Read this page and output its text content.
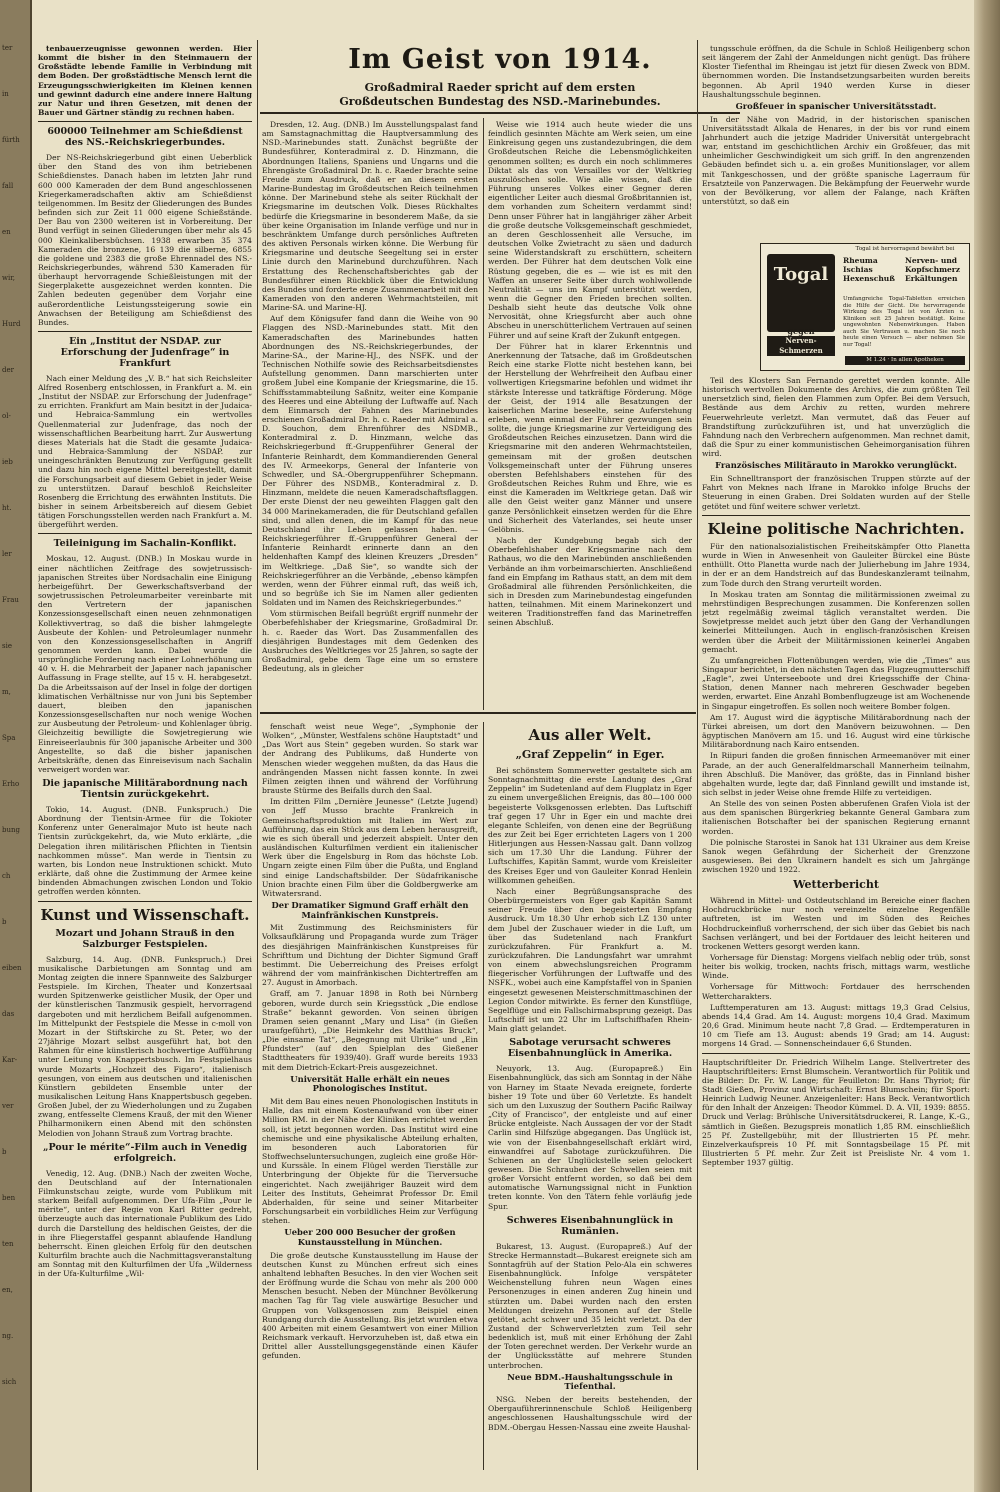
ter
in
fürth
fall
en
wir,
Hurd
der
ol-
ieb
ht.
ler
Frau
sie
m,
Spa
Erho
bung
ch
b
eiben
das
Kar-
ver
b
ben
ten
en,
ng.
sich
Im Geist von 1914.
Großadmiral Raeder spricht auf dem ersten Großdeutschen Bundestag des NSD.-Marinebundes.

tenbauerzeugnisse gewonnen werden. Hier kommt die bisher in den Steinmauern der Großstädte lebende Familie in Verbindung mit dem Boden. Der großstädtische Mensch lernt die Erzeugungsschwierigkeiten im Kleinen kennen und gewinnt dadurch eine andere innere Haltung zur Natur und ihren Gesetzen, mit denen der Bauer und Gärtner ständig zu rechnen haben.

600000 Teilnehmer am Schießdienst des NS.-Reichskriegerbundes.

Der NS-Reichskriegerbund gibt einen Ueberblick über den Stand des von ihm betriebenen Schießdienstes. Danach haben im letzten Jahr rund 600 000 Kameraden der dem Bund angeschlossenen Kriegerkameradschaften aktiv am Schießdienst teilgenommen. Im Besitz der Gliederungen des Bundes befinden sich zur Zeit 11 000 eigene Schießstände. Der Bau von 2300 weiteren ist in Vorbereitung. Der Bund verfügt in seinen Gliederungen über mehr als 45 000 Kleinkalibersbüchsen. 1938 erwarben 35 374 Kameraden die bronzene, 16 139 die silberne, 6855 die goldene und 2383 die große Ehrennadel des NS.-Reichskriegerbundes, während 530 Kameraden für überhaupt hervorragende Schießleistungen mit der Siegerplakette ausgezeichnet werden konnten. Die Zahlen bedeuten gegenüber dem Vorjahr eine außerordentliche Leistungssteigerung sowie ein Anwachsen der Beteiligung am Schießdienst des Bundes.

Ein „Institut der NSDAP. zur Erforschung der Judenfrage“ in Frankfurt

Nach einer Meldung des „V. B.“ hat sich Reichsleiter Alfred Rosenberg entschlossen, in Frankfurt a. M. ein „Institut der NSDAP. zur Erforschung der Judenfrage“ zu errichten. Frankfurt am Main besitzt in der Judaica- und Hebraica-Sammlung ein wertvolles Quellenmaterial zur Judenfrage, das noch der wissenschaftlichen Bearbeitung harrt. Zur Auswertung dieses Materials hat die Stadt die gesamte Judaica- und Hebraica-Sammlung der NSDAP. zur uneingeschränkten Benutzung zur Verfügung gestellt und dazu hin noch eigene Mittel bereitgestellt, damit die Forschungsarbeit auf diesem Gebiet in jeder Weise zu unterstützen. Darauf beschloß Reichsleiter Rosenberg die Errichtung des erwähnten Instituts. Die bisher in seinem Arbeitsbereich auf diesem Gebiet tätigen Forschungsstellen werden nach Frankfurt a. M. übergeführt werden.

Teileinigung im Sachalin-Konflikt.

Moskau, 12. August. (DNB.) In Moskau wurde in einer nächtlichen Zeitfrage des sowjetrussisch-japanischen Streites über Nordsachalin eine Einigung herbeigeführt. Der Gewerkschaftsverband der sowjetrussischen Petroleumarbeiter vereinbarte mit den Vertretern der japanischen Konzessionsgesellschaft einen neuen zehnmonatigen Kollektivvertrag, so daß die bisher lahmgelegte Ausbeute der Kohlen- und Petroleumlager nunmehr von den Konzessionsgesellschaften in Angriff genommen werden kann. Dabei wurde die ursprüngliche Forderung nach einer Lohnerhöhung um 40 v. H. die Mehrarbeit der Japaner nach japanischer Auffassung in Frage stellte, auf 15 v. H. herabgesetzt. Da die Arbeitssaison auf der Insel in folge der dortigen klimatischen Verhältnisse nur von Juni bis September dauert, bleiben den japanischen Konzessionsgesellschaften nur noch wenige Wochen zur Ausbeutung der Petroleum- und Kohlenlager übrig. Gleichzeitig bewilligte die Sowjetregierung wie Einreiseerlaubnis für 300 japanische Arbeiter und 300 Angestellte, so daß die bisher japanischen Arbeitskräfte, denen das Einreisevisum nach Sachalin verweigert worden war.

Die japanische Militärabordnung nach Tientsin zurückgekehrt.

Tokio, 14. August. (DNB. Funkspruch.) Die Abordnung der Tientsin-Armee für die Tokioter Konferenz unter Generalmajor Muto ist heute nach Tientsin zurückgekehrt, da, wie Muto erklärte, „die Delegation ihren militärischen Pflichten in Tientsin nachkommen müsse“. Man werde in Tientsin zu warten, bis London neue Instruktionen schickt. Muto erklärte, daß ohne die Zustimmung der Armee keine bindenden Abmachungen zwischen London und Tokio getroffen werden könnten.

Kunst und Wissenschaft.
Mozart und Johann Strauß in den Salzburger Festspielen.

Salzburg, 14. Aug. (DNB. Funkspruch.) Drei musikalische Darbietungen am Sonntag und am Montag zeigten die innere Spannweite des Salzburger Festspiele. Im Kirchen, Theater und Konzertsaal wurden Spitzenwerke geistlicher Musik, der Oper und der künstlerischen Tanzmusik gespielt, hervorragend dargeboten und mit herzlichem Beifall aufgenommen. Im Mittelpunkt der Festspiele die Messe in c-moll von Mozart in der Stiftskirche zu St. Peter, wo der 27jährige Mozart selbst ausgeführt hat, bot den Rahmen für eine künstlerisch hochwertige Aufführung unter Leitung von Knappertsbusch. Im Festspielhaus wurde Mozarts „Hochzeit des Figaro“, italienisch gesungen, von einem aus deutschen und italienischen Künstlern gebildeten Ensemble unter der musikalischen Leitung Hans Knappertsbusch gegeben. Großen Jubel, der zu Wiederholungen und zu Zugaben zwang, entfesselte Clemens Krauß, der mit den Wiener Philharmonikern einen Abend mit den schönsten Melodien von Johann Strauß zum Vortrag brachte.

„Pour le mérite“-Film auch in Venedig erfolgreich.

Venedig, 12. Aug. (DNB.) Nach der zweiten Woche, den Deutschland auf der Internationalen Filmkunstschau zeigte, wurde vom Publikum mit starkem Beifall aufgenommen. Der Ufa-Film „Pour le mérite“, unter der Regie von Karl Ritter gedreht, überzeugte auch das internationale Publikum des Lido durch die Darstellung des heldischen Geistes, der die in ihre Fliegerstaffel gespannt ablaufende Handlung beherrscht. Einen gleichen Erfolg für den deutschen Kulturfilm brachte auch die Nachmittagsveranstaltung am Sonntag mit den Kulturfilmen der Ufa „Wilderness in der Ufa-Kulturfilme „Wil-

Dresden, 12. Aug. (DNB.) Im Ausstellungspalast fand am Samstagnachmittag die Hauptversammlung des NSD.-Marinebundes statt. Zunächst begrüßte der Bundesführer, Konteradmiral z. D. Hinzmann, die Abordnungen Italiens, Spaniens und Ungarns und die Ehrengäste Großadmiral Dr. h. c. Raeder brachte seine Freude zum Ausdruck, daß er an diesem ersten Marine-Bundestag im Großdeutschen Reich teilnehmen könne. Der Marinebund stehe als seiter Rückhalt der Kriegsmarine im deutschen Volk. Dieses Rückhaltes bedürfe die Kriegsmarine in besonderem Maße, da sie über keine Organisation im Inlande verfüge und nur in beschränktem Umfange durch persönliches Auftreten des aktiven Personals wirken könne. Die Werbung für Kriegsmarine und deutsche Seegeltung sei in erster Linie durch den Marinebund durchzuführen. Nach Erstattung des Rechenschaftsberichtes gab der Bundesführer einen Rückblick über die Entwicklung des Bundes und forderte enge Zusammenarbeit mit den Kameraden von den anderen Wehrmachtsteilen, mit Marine-SA. und Marine-HJ.

Auf dem Königsufer fand dann die Weihe von 90 Flaggen des NSD.-Marinebundes statt. Mit den Kameradschaften des Marinebundes hatten Abordnungen des NS.-Reichskriegerbundes, der Marine-SA., der Marine-HJ., des NSFK. und der Technischen Nothilfe sowie des Reichsarbeitsdienstes Aufstellung genommen. Dann marschierten unter großem Jubel eine Kompanie der Kriegsmarine, die 15. Schiffsstammabteilung Saßnitz, weiter eine Kompanie des Heeres und eine Abteilung der Luftwaffe auf. Nach dem Einmarsch der Fahnen des Marinebundes erschienen Großadmiral Dr. h. c. Raeder mit Admiral a. D. Souchon, dem Ehrenführer des NSDMB., Konteradmiral z. D. Hinzmann, welche das Reichskriegerbund ff.-Gruppenführer General der Infanterie Reinhardt, dem Kommandierenden General des IV. Armeekorps, General der Infanterie von Schwedler, und SA.-Obergruppenführer Schepmann. Der Führer des NSDMB., Konteradmiral z. D. Hinzmann, meldete die neuen Kameradschaftsflaggen. Der erste Dienst der neu geweihten Flaggen galt den 34 000 Marinekameraden, die für Deutschland gefallen sind, und allen denen, die im Kampf für das neue Deutschland ihr Leben gelassen haben. — Reichskriegerführer ff.-Gruppenführer General der Infanterie Reinhardt erinnerte dann an den heldenhaften Kampf des kleinen Kreuzers „Dresden“ im Weltkriege. „Daß Sie“, so wandte sich der Reichskriegerführer an die Verbände, „ebenso kämpfen werden, wenn der Führer einmal ruft, das weiß ich, und so begrüße ich Sie im Namen aller gedienten Soldaten und im Namen des Reichskriegerbundes.“

Vom stürmischen Beifall begrüßt ergriff nunmehr der Oberbefehlshaber der Kriegsmarine, Großadmiral Dr. h. c. Raeder das Wort. Das Zusammenfallen des diesjährigen Bundestages mit dem Gedenken des Ausbruches des Weltkrieges vor 25 Jahren, so sagte der Großadmiral, gebe dem Tage eine um so ernstere Bedeutung, als in gleicher

Weise wie 1914 auch heute wieder die uns feindlich gesinnten Mächte am Werk seien, um eine Einkreisung gegen uns zustandezubringen, die dem Großdeutschen Reiche die Lebensmöglichkeiten genommen sollten; es durch ein noch schlimmeres Diktat als das von Versailles vor der Weltkrieg auszulöschen solle. Wie alle wissen, daß die Führung unseres Volkes einer Gegner deren eigentlicher Leiter auch diesmal Großbritannien ist, dem vorhanden zum Scheitern verdammt sind! Denn unser Führer hat in langjähriger zäher Arbeit die große deutsche Volksgemeinschaft geschmiedet, an deren Geschlossenheit alle Versuche, im deutschen Volke Zwietracht zu säen und dadurch seine Widerstandskraft zu erschüttern, scheitern werden. Der Führer hat dem deutschen Volk eine Rüstung gegeben, die es — wie ist es mit den Waffen an unserer Seite über durch wohlwollende Neutralität — uns im Kampf unterstützt werden, wenn die Gegner den Frieden brechen sollten. Deshalb sieht heute das deutsche Volk ohne Nervosität, ohne Kriegsfurcht aber auch ohne Abscheu in unerschütterlichem Vertrauen auf seinen Führer und auf seine Kraft der Zukunft entgegen.

Der Führer hat in klarer Erkenntnis und Anerkennung der Tatsache, daß im Großdeutschen Reich eine starke Flotte nicht bestehen kann, bei der Herstellung der Wehrfreiheit den Aufbau einer vollwertigen Kriegsmarine befohlen und widmet ihr stärkste Interesse und tatkräftige Förderung. Möge der Geist, der 1914 alle Besatzungen der kaiserlichen Marine beseelte, seine Auferstehung erleben, wenn einmal der Führer gezwungen sein sollte, die junge Kriegsmarine zur Verteidigung des Großdeutschen Reiches einzusetzen. Dann wird die Kriegsmarine mit den anderen Wehrmachtsteilen, gemeinsam mit der großen deutschen Volksgemeinschaft unter der Führung unseres obersten Befehlshabers einstehen für des Großdeutschen Reiches Ruhm und Ehre, wie es einst die Kameraden im Weltkriege getan. Daß wir alle den Geist weiter ganz Männer und unsere ganze Persönlichkeit einsetzen werden für die Ehre und Sicherheit des Vaterlandes, sei heute unser Gelöbnis.

Nach der Kundgebung begab sich der Oberbefehlshaber der Kriegsmarine nach dem Rathaus, wo die den Marinebünden anschließenden Verbände an ihm vorbeimarschierten. Anschließend fand ein Empfang im Rathaus statt, an dem mit dem Großadmiral alle führenden Persönlichkeiten, die sich in Dresden zum Marinebundestag eingefunden hatten, teilnahmen. Mit einem Marinekonzert und weiteren Traditionstreffen fand das Marinetreffen seinen Abschluß.

fenschaft weist neue Wege“, „Symphonie der Wolken“, „Münster, Westfalens schöne Hauptstadt“ und „Das Wort aus Stein“ gegeben wurden. So stark war der Andrang des Publikums, daß Hunderte von Menschen wieder weggehen mußten, da das Haus die andrängenden Massen nicht fassen konnte. In zwei Filmen zeigten ihnen und während der Vorführung brauste Stürme des Beifalls durch den Saal.

Im dritten Film „Dernière Jeunesse“ (Letzte Jugend) von Jeff Musso brachte Frankreich in Gemeinschaftsproduktion mit Italien im Wert zur Aufführung, das ein Stück aus dem Leben herausgreift, wie es sich überall und jederzeit abspielt. Unter den ausländischen Kulturfilmen verdient ein italienischer Werk über die Engelsburg in Rom das höchste Lob. Ungarn zeigte einen Film über die Pußta, und England sind einige Landschaftsbilder. Der Südafrikanische Union brachte einen Film über die Goldbergwerke am Witwatersrand.

Der Dramatiker Sigmund Graff erhält den Mainfränkischen Kunstpreis.

Mit Zustimmung des Reichsministers für Volksaufklärung und Propaganda wurde zum Träger des diesjährigen Mainfränkischen Kunstpreises für Schrifttum und Dichtung der Dichter Sigmund Graff bestimmt. Die Ueberreichung des Preises erfolgt während der vom mainfränkischen Dichtertreffen am 27. August in Amorbach.

Graff, am 7. Januar 1898 in Roth bei Nürnberg geboren, wurde durch sein Kriegsstück „Die endlose Straße“ bekannt geworden. Von seinen übrigen Dramen seien genannt „Mary und Lisa“ (in Gießen uraufgeführt), „Die Heimkehr des Matthias Bruck“, „Die einsame Tat“, „Begegnung mit Ulrike“ und „Ein Pfundster“ (auf den Spielplan des Gießener Stadttheaters für 1939/40). Graff wurde bereits 1933 mit dem Dietrich-Eckart-Preis ausgezeichnet.

Universität Halle erhält ein neues Phonologisches Institut.

Mit dem Bau eines neuen Phonologischen Instituts in Halle, das mit einem Kostenaufwand von über einer Million RM. in der Nähe der Kliniken errichtet werden soll, ist jetzt begonnen worden. Das Institut wird eine chemische und eine physikalische Abteilung erhalten, im besonderen auch Laboratorien für Stoffwechseluntersuchungen, zugleich eine große Hör- und Kurssäle. In einem Flügel werden Tierställe zur Unterbringung der Objekte für die Tierversuche eingerichtet. Nach zweijähriger Bauzeit wird dem Leiter des Instituts, Geheimrat Professor Dr. Emil Abderhalden, für seine und seiner Mitarbeiter Forschungsarbeit ein vorbildliches Heim zur Verfügung stehen.

Ueber 200 000 Besucher der großen Kunstausstellung in München.

Die große deutsche Kunstausstellung im Hause der deutschen Kunst zu München erfreut sich eines anhaltend lebhaften Besuches. In den vier Wochen seit der Eröffnung wurde die Schau von mehr als 200 000 Menschen besucht. Neben der Münchner Bevölkerung machen Tag für Tag viele auswärtige Besucher und Gruppen von Volksgenossen zum Beispiel einen Rundgang durch die Ausstellung. Bis jetzt wurden etwa 400 Arbeiten mit einem Gesamtwert von einer Million Reichsmark verkauft. Hervorzuheben ist, daß etwa ein Drittel aller Ausstellungsgegenstände einen Käufer gefunden.

Aus aller Welt.
„Graf Zeppelin“ in Eger.

Bei schönstem Sommerwetter gestaltete sich am Sonntagnachmittag die erste Landung des „Graf Zeppelin“ im Sudetenland auf dem Flugplatz in Eger zu einem unvergeßlichen Ereignis, das 80—100 000 begeisterte Volksgenossen erlebten. Das Luftschiff traf gegen 17 Uhr in Eger ein und machte drei elegante Schleifen, von denen eine der Begrüßung des zur Zeit bei Eger errichteten Lagers von 1 200 Hitlerjungen aus Hessen-Nassau galt. Dann vollzog sich um 17.30 Uhr die Landung. Führer der Luftschiffes, Kapitän Sammt, wurde vom Kreisleiter des Kreises Eger und von Gauleiter Konrad Henlein willkommen geheißen.

Nach einer Begrüßungsansprache des Oberbürgermeisters von Eger gab Kapitän Sammt seiner Freude über den begeisterten Empfang Ausdruck. Um 18.30 Uhr erhob sich LZ 130 unter dem Jubel der Zuschauer wieder in die Luft, um über das Sudetenland nach Frankfurt zurückzufahren. Für Frankfurt a. M. zurückzufahren. Die Landungsfahrt war umrahmt von einem abwechslungsreichen Programm fliegerischer Vorführungen der Luftwaffe und des NSFK., wobei auch eine Kampfstaffel von in Spanien eingesetzt gewesenen Meisterschmittmaschinen der Legion Condor mitwirkte. Es ferner den Kunstflüge, Segelflüge und ein Fallschirmabsprung gezeigt. Das Luftschiff ist um 22 Uhr im Luftschiffhafen Rhein-Main glatt gelandet.

Sabotage verursacht schweres Eisenbahnunglück in Amerika.

Neuyork, 13. Aug. (Europapreß.) Ein Eisenbahnunglück, das sich am Sonntag in der Nähe von Harney im Staate Nevada ereignete, forderte bisher 19 Tote und über 60 Verletzte. Es handelt sich um den Luxuszug der Southern Pacific Railway „City of Francisco“, der entgleiste und auf einer Brücke entgleiste. Nach Aussagen der vor der Stadt Carlin sind Hilfszüge abgegangen. Das Unglück ist, wie von der Eisenbahngesellschaft erklärt wird, einwandfrei auf Sabotage zurückzuführen. Die Schienen an der Unglückstelle seien gelockert gewesen. Die Schrauben der Schwellen seien mit großer Vorsicht entfernt worden, so daß bei dem automatische Warnungssignal nicht in Funktion treten konnte. Von den Tätern fehle vorläufig jede Spur.

Schweres Eisenbahnunglück in Rumänien.

Bukarest, 13. August. (Europapreß.) Auf der Strecke Hermannstadt—Bukarest ereignete sich am Sonntagfrüh auf der Station Pelo-Ala ein schweres Eisenbahnunglück. Infolge verspäteter Weichenstellung fuhren neun Wagen eines Personenzuges in einen anderen Zug hinein und stürzten um. Dabei wurden nach den ersten Meldungen dreizehn Personen auf der Stelle getötet, acht schwer und 35 leicht verletzt. Da der Zustand der Schwerverletzten zum Teil sehr bedenklich ist, muß mit einer Erhöhung der Zahl der Toten gerechnet werden. Der Verkehr wurde an der Unglücksstätte auf mehrere Stunden unterbrochen.

Neue BDM.-Haushaltungsschule in Tiefenthal.

NSG. Neben der bereits bestehenden, der Obergauführerinnenschule Schloß Heiligenberg angeschlossenen Haushaltungsschule wird der BDM.-Obergau Hessen-Nassau eine zweite Haushal-

tungsschule eröffnen, da die Schule in Schloß Heiligenberg schon seit längerem der Zahl der Anmeldungen nicht genügt. Das frühere Kloster Tiefenthal im Rheingau ist jetzt für diesen Zweck von BDM. übernommen worden. Die Instandsetzungsarbeiten wurden bereits begonnen. Ab April 1940 werden Kurse in dieser Haushaltungsschule beginnen.

Großfeuer in spanischer Universitätsstadt.

In der Nähe von Madrid, in der historischen spanischen Universitätsstadt Alkala de Henares, in der bis vor rund einem Jahrhundert auch die jetzige Madrider Universität untergebracht war, entstand im geschichtlichen Archiv ein Großfeuer, das mit unheimlicher Geschwindigkeit um sich griff. In den angrenzenden Gebäuden befindet sich u. a. ein großes Munitionslager, vor allem mit Tankgeschossen, und der größte spanische Lagerraum für Ersatzteile von Panzerwagen. Die Bekämpfung der Feuerwehr wurde von der Bevölkerung, vor allem der Falange, nach Kräften unterstützt, so daß ein

Togal
gegen
Nerven- Schmerzen
Togal ist hervorragend bewährt bei
Rheuma
Ischias
Hexenschuß
Nerven- und
Kopfschmerz
Erkältungen
Umfangreiche Togal-Tabletten erreichen die Hilfe der Gicht. Die hervorragende Wirkung des Togal ist von Ärzten u. Kliniken seit 25 Jahren bestätigt. Keine ungewohnten Nebenwirkungen. Haben auch Sie Vertrauen u. machen Sie noch heute einen Versuch — aber nehmen Sie nur Togal!
M 1.24 · In allen Apotheken

Teil des Klosters San Fernando gerettet werden konnte. Alle historisch wertvollen Dokumente des Archivs, die zum größten Teil unersetzlich sind, fielen den Flammen zum Opfer. Bei dem Versuch, Bestände aus dem Archiv zu retten, wurden mehrere Feuerwehrleute verletzt. Man vermutet, daß das Feuer auf Brandstiftung zurückzuführen ist, und hat unverzüglich die Fahndung nach den Verbrechern aufgenommen. Man rechnet damit, daß die Spur zu einer kommunistischen Geheimorganisation führen wird.

Französisches Militärauto in Marokko verunglückt.

Ein Schnelltransport der französischen Truppen stürzte auf der Fahrt von Meknes nach Ifrane in Marokko infolge Bruchs der Steuerung in einen Graben. Drei Soldaten wurden auf der Stelle getötet und fünf weitere schwer verletzt.

Kleine politische Nachrichten.

Für den nationalsozialistischen Freiheitskämpfer Otto Planetta wurde in Wien in Anwesenheit von Gauleiter Bürckel eine Büste enthüllt. Otto Planetta wurde nach der Julierhebung im Jahre 1934, in der er an dem Handstreich auf das Bundeskanzleramt teilnahm, zum Tode durch den Strang verurteilt worden.

In Moskau traten am Sonntag die militärmissionen zweimal zu mehrstündigen Besprechungen zusammen. Die Konferenzen sollen jetzt regelmäßig zweimal täglich veranstaltet werden. Die Sowjetpresse meldet auch jetzt über den Gang der Verhandlungen keinerlei Mitteilungen. Auch in englisch-französischen Kreisen werden über die Arbeit der Militärmissionen keinerlei Angaben gemacht.

Zu umfangreichen Flottenübungen werden, wie die „Times“ aus Singapur berichtet, in den nächsten Tagen das Flugzeugmutterschiff „Eagle“, zwei Unterseeboote und drei Kriegsschiffe der China-Station, denen Manner nach mehreren Geschwader begeben werden, erwartet. Eine Anzahl Bombenflugzeuge ist am Wochenende in Singapur eingetroffen. Es sollen noch weitere Bomber folgen.

Am 17. August wird die ägyptische Militärabordnung nach der Türkei abreisen, um dort den Manövern beizuwohnen. — Den ägyptischen Manövern am 15. und 16. August wird eine türkische Militärabordnung nach Kairo entsenden.

In Riipuri fanden die großen finnischen Armeemanöver mit einer Parade, an der auch Generalfeldmarschall Mannerheim teilnahm, ihren Abschluß. Die Manöver, das größte, das in Finnland bisher abgehalten wurde, legte dar, daß Finnland gewillt und imstande ist, sich selbst in jeder Weise ohne fremde Hilfe zu verteidigen.

An Stelle des von seinen Posten abberufenen Grafen Viola ist der aus dem spanischen Bürgerkrieg bekannte General Gambara zum italienischen Botschafter bei der spanischen Regierung ernannt worden.

Die polnische Starostei in Sanok hat 131 Ukrainer aus dem Kreise Sanok wegen Gefährdung der Sicherheit der Grenzzone ausgewiesen. Bei den Ukrainern handelt es sich um Jahrgänge zwischen 1920 und 1922.

Wetterbericht

Während in Mittel- und Ostdeutschland im Bereiche einer flachen Hochdruckbrücke nur noch vereinzelte einzelne Regenfälle auftreten, ist im Westen und im Süden des Reiches Hochdruckeinfluß vorherrschend, der sich über das Gebiet bis nach Sachsen verlängert, und bei der Fortdauer des leicht heiteren und trockenen Wetters gesorgt werden kann.

Vorhersage für Dienstag: Morgens vielfach neblig oder trüb, sonst heiter bis wolkig, trocken, nachts frisch, mittags warm, westliche Winde.

Vorhersage für Mittwoch: Fortdauer des herrschenden Wettercharakters.

Lufttemperaturen am 13. August: mittags 19,3 Grad Celsius, abends 14,4 Grad. Am 14. August: morgens 10,4 Grad. Maximum 20,6 Grad. Minimum heute nacht 7,8 Grad. — Erdtemperaturen in 10 cm Tiefe am 13. August: abends 19 Grad; am 14. August: morgens 14 Grad. — Sonnenscheindauer 6,6 Stunden.

Hauptschriftleiter Dr. Friedrich Wilhelm Lange. Stellvertreter des Hauptschriftleiters: Ernst Blumschein. Verantwortlich für Politik und die Bilder: Dr. Fr. W. Lange; für Feuilleton: Dr. Hans Thyriot; für Stadt Gießen, Provinz und Wirtschaft: Ernst Blumschein; für Sport: Heinrich Ludwig Neuner. Anzeigenleiter: Hans Beck. Verantwortlich für den Inhalt der Anzeigen: Theodor Kümmel. D. A. VII, 1939: 8855. Druck und Verlag: Brühlsche Universitätsdruckerei, R. Lange, K.-G., sämtlich in Gießen. Bezugspreis monatlich 1,85 RM. einschließlich 25 Pf. Zustellgebühr, mit der Illustrierten 15 Pf. mehr. Einzelverkaufspreis 10 Pf. mit Sonntagsbeilage 15 Pf. mit Illustrierten 5 Pf. mehr. Zur Zeit ist Preisliste Nr. 4 vom 1. September 1937 gültig.
